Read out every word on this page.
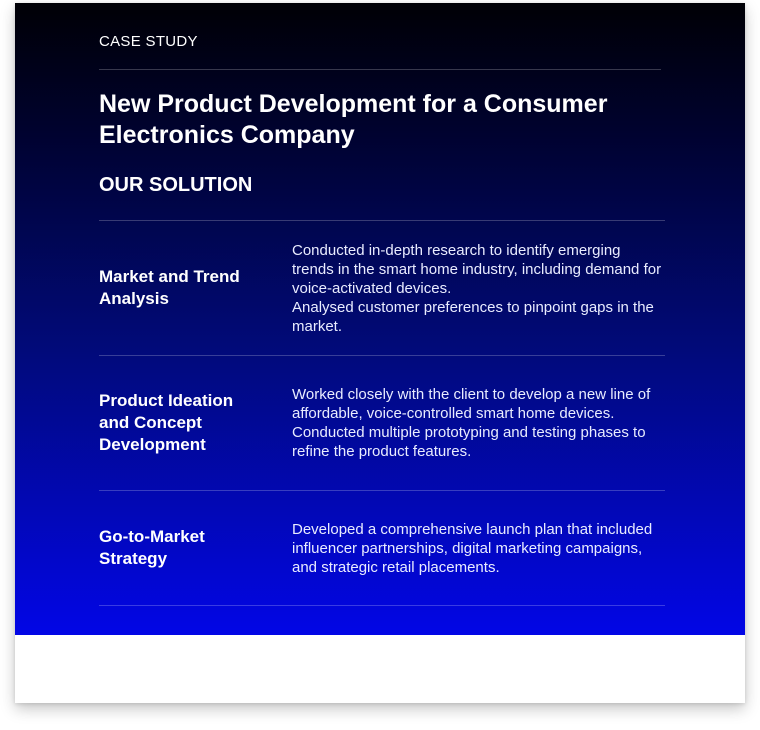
CASE STUDY
New Product Development for a Consumer Electronics Company
OUR SOLUTION
Market and Trend Analysis
Conducted in-depth research to identify emerging trends in the smart home industry, including demand for voice-activated devices.
Analysed customer preferences to pinpoint gaps in the market.
Product Ideation and Concept Development
Worked closely with the client to develop a new line of affordable, voice-controlled smart home devices.
Conducted multiple prototyping and testing phases to refine the product features.
Go-to-Market Strategy
Developed a comprehensive launch plan that included influencer partnerships, digital marketing campaigns, and strategic retail placements.
